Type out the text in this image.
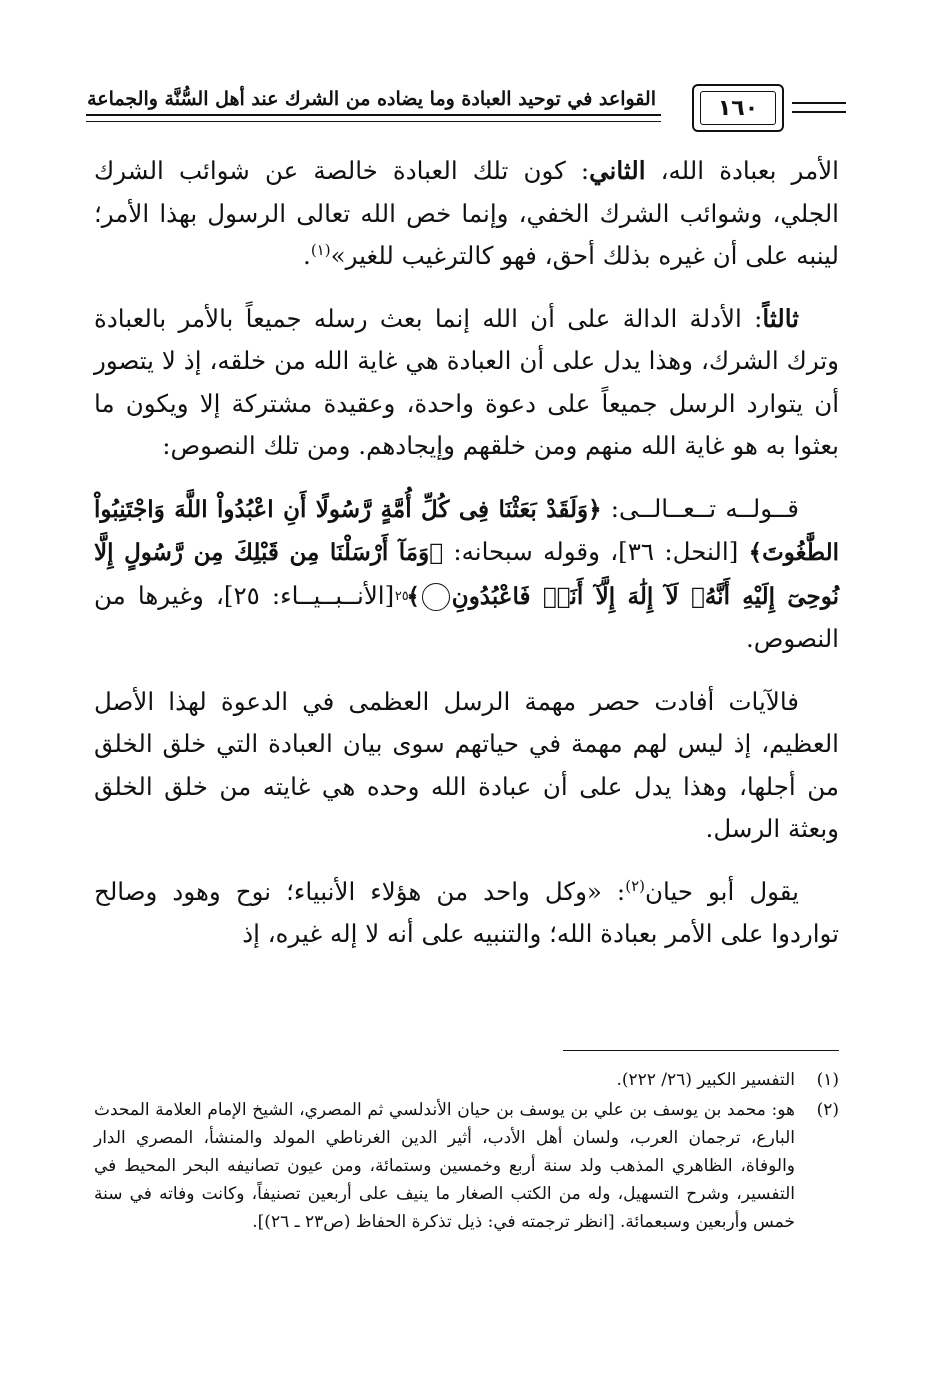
القواعد في توحيد العبادة وما يضاده من الشرك عند أهل السُّنَّة والجماعة	١٦٠

الأمر بعبادة الله، الثاني: كون تلك العبادة خالصة عن شوائب الشرك الجلي، وشوائب الشرك الخفي، وإنما خص الله تعالى الرسول بهذا الأمر؛ لينبه على أن غيره بذلك أحق، فهو كالترغيب للغير»$^{(١)}$.

ثالثاً: الأدلة الدالة على أن الله إنما بعث رسله جميعاً بالأمر بالعبادة وترك الشرك، وهذا يدل على أن العبادة هي غاية الله من خلقه، إذ لا يتصور أن يتوارد الرسل جميعاً على دعوة واحدة، وعقيدة مشتركة إلا ويكون ما بعثوا به هو غاية الله منهم ومن خلقهم وإيجادهم. ومن تلك النصوص:

قــولــه تــعــالــى: ﴿وَلَقَدْ بَعَثْنَا فِى كُلِّ أُمَّةٍ رَّسُولًا أَنِ اعْبُدُواْ اللَّهَ وَاجْتَنِبُواْ الطَّٰغُوتَ﴾ [النحل: ٣٦]، وقوله سبحانه: ﴿وَمَآ أَرْسَلْنَا مِن قَبْلِكَ مِن رَّسُولٍ إِلَّا نُوحِىٓ إِلَيْهِ أَنَّهُۥ لَآ إِلَٰهَ إِلَّآ أَنَا۠ فَاعْبُدُونِ٢٥﴾ [الأنــبــيــاء: ٢٥]، وغيرها من النصوص.

فالآيات أفادت حصر مهمة الرسل العظمى في الدعوة لهذا الأصل العظيم، إذ ليس لهم مهمة في حياتهم سوى بيان العبادة التي خلق الخلق من أجلها، وهذا يدل على أن عبادة الله وحده هي غايته من خلق الخلق وبعثة الرسل.

يقول أبو حيان$^{(٢)}$: «وكل واحد من هؤلاء الأنبياء؛ نوح وهود وصالح تواردوا على الأمر بعبادة الله؛ والتنبيه على أنه لا إله غيره، إذ

(١)
التفسير الكبير (٢٦/ ٢٢٢).
(٢)
هو: محمد بن يوسف بن علي بن يوسف بن حيان الأندلسي ثم المصري، الشيخ الإمام العلامة المحدث البارع، ترجمان العرب، ولسان أهل الأدب، أثير الدين الغرناطي المولد والمنشأ، المصري الدار والوفاة، الظاهري المذهب ولد سنة أربع وخمسين وستمائة، ومن عيون تصانيفه البحر المحيط في التفسير، وشرح التسهيل، وله من الكتب الصغار ما ينيف على أربعين تصنيفاً، وكانت وفاته في سنة خمس وأربعين وسبعمائة. [انظر ترجمته في: ذيل تذكرة الحفاظ (ص٢٣ ـ ٢٦)].
